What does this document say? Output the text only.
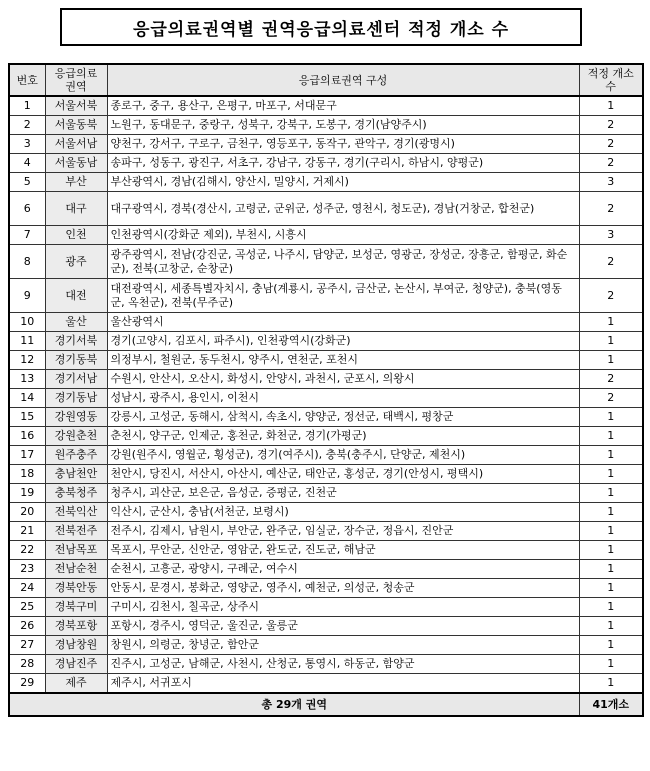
응급의료권역별 권역응급의료센터 적정 개소 수
번호	응급의료 권역	응급의료권역 구성	적정 개소 수
1	서울서북	종로구, 중구, 용산구, 은평구, 마포구, 서대문구	1
2	서울동북	노원구, 동대문구, 중랑구, 성북구, 강북구, 도봉구, 경기(남양주시)	2
3	서울서남	양천구, 강서구, 구로구, 금천구, 영등포구, 동작구, 관악구, 경기(광명시)	2
4	서울동남	송파구, 성동구, 광진구, 서초구, 강남구, 강동구, 경기(구리시, 하남시, 양평군)	2
5	부산	부산광역시, 경남(김해시, 양산시, 밀양시, 거제시)	3
6	대구	대구광역시, 경북(경산시, 고령군, 군위군, 성주군, 영천시, 청도군), 경남(거창군, 합천군)	2
7	인천	인천광역시(강화군 제외), 부천시, 시흥시	3
8	광주	광주광역시, 전남(강진군, 곡성군, 나주시, 담양군, 보성군, 영광군, 장성군, 장흥군, 함평군, 화순군), 전북(고창군, 순창군)	2
9	대전	대전광역시, 세종특별자치시, 충남(계룡시, 공주시, 금산군, 논산시, 부여군, 청양군), 충북(영동군, 옥천군), 전북(무주군)	2
10	울산	울산광역시	1
11	경기서북	경기(고양시, 김포시, 파주시), 인천광역시(강화군)	1
12	경기동북	의정부시, 철원군, 동두천시, 양주시, 연천군, 포천시	1
13	경기서남	수원시, 안산시, 오산시, 화성시, 안양시, 과천시, 군포시, 의왕시	2
14	경기동남	성남시, 광주시, 용인시, 이천시	2
15	강원영동	강릉시, 고성군, 동해시, 삼척시, 속초시, 양양군, 정선군, 태백시, 평창군	1
16	강원춘천	춘천시, 양구군, 인제군, 홍천군, 화천군, 경기(가평군)	1
17	원주충주	강원(원주시, 영월군, 횡성군), 경기(여주시), 충북(충주시, 단양군, 제천시)	1
18	충남천안	천안시, 당진시, 서산시, 아산시, 예산군, 태안군, 홍성군, 경기(안성시, 평택시)	1
19	충북청주	청주시, 괴산군, 보은군, 음성군, 증평군, 진천군	1
20	전북익산	익산시, 군산시, 충남(서천군, 보령시)	1
21	전북전주	전주시, 김제시, 남원시, 부안군, 완주군, 임실군, 장수군, 정읍시, 진안군	1
22	전남목포	목포시, 무안군, 신안군, 영암군, 완도군, 진도군, 해남군	1
23	전남순천	순천시, 고흥군, 광양시, 구례군, 여수시	1
24	경북안동	안동시, 문경시, 봉화군, 영양군, 영주시, 예천군, 의성군, 청송군	1
25	경북구미	구미시, 김천시, 칠곡군, 상주시	1
26	경북포항	포항시, 경주시, 영덕군, 울진군, 울릉군	1
27	경남창원	창원시, 의령군, 창녕군, 함안군	1
28	경남진주	진주시, 고성군, 남해군, 사천시, 산청군, 통영시, 하동군, 함양군	1
29	제주	제주시, 서귀포시	1
총 29개 권역			41개소
